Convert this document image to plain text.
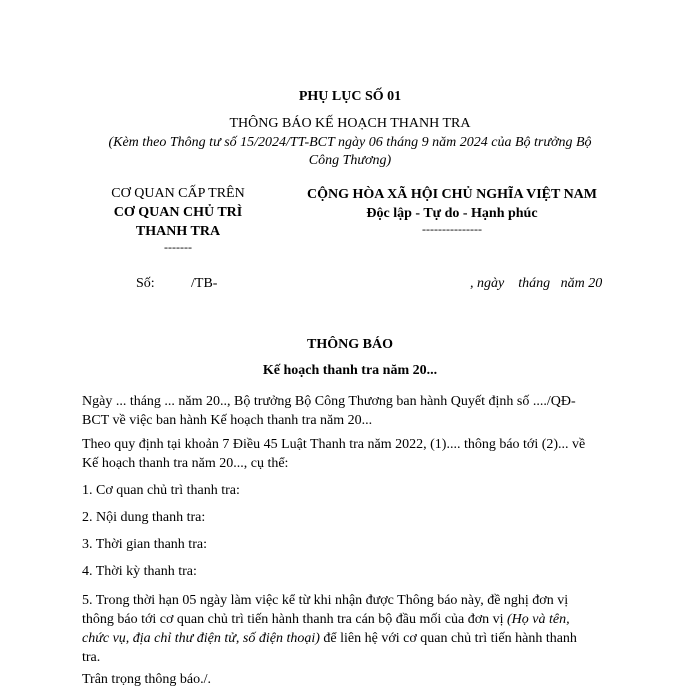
PHỤ LỤC SỐ 01
THÔNG BÁO KẾ HOẠCH THANH TRA
(Kèm theo Thông tư số 15/2024/TT-BCT ngày 06 tháng 9 năm 2024 của Bộ trưởng Bộ
Công Thương)
CƠ QUAN CẤP TRÊN
CƠ QUAN CHỦ TRÌ
THANH TRA
-------
CỘNG HÒA XÃ HỘI CHỦ NGHĨA VIỆT NAM
Độc lập - Tự do - Hạnh phúc
---------------
Số:	/TB-	, ngày    tháng   năm 20
THÔNG BÁO
Kế hoạch thanh tra năm 20...
Ngày ... tháng ... năm 20.., Bộ trưởng Bộ Công Thương ban hành Quyết định số ..../QĐ-
BCT về việc ban hành Kế hoạch thanh tra năm 20...
Theo quy định tại khoản 7 Điều 45 Luật Thanh tra năm 2022, (1).... thông báo tới (2)... về
Kế hoạch thanh tra năm 20..., cụ thể:
1. Cơ quan chủ trì thanh tra:
2. Nội dung thanh tra:
3. Thời gian thanh tra:
4. Thời kỳ thanh tra:
5. Trong thời hạn 05 ngày làm việc kể từ khi nhận được Thông báo này, đề nghị đơn vị
thông báo tới cơ quan chủ trì tiến hành thanh tra cán bộ đầu mối của đơn vị (Họ và tên,
chức vụ, địa chỉ thư điện tử, số điện thoại) để liên hệ với cơ quan chủ trì tiến hành thanh
tra.
Trân trọng thông báo./.
